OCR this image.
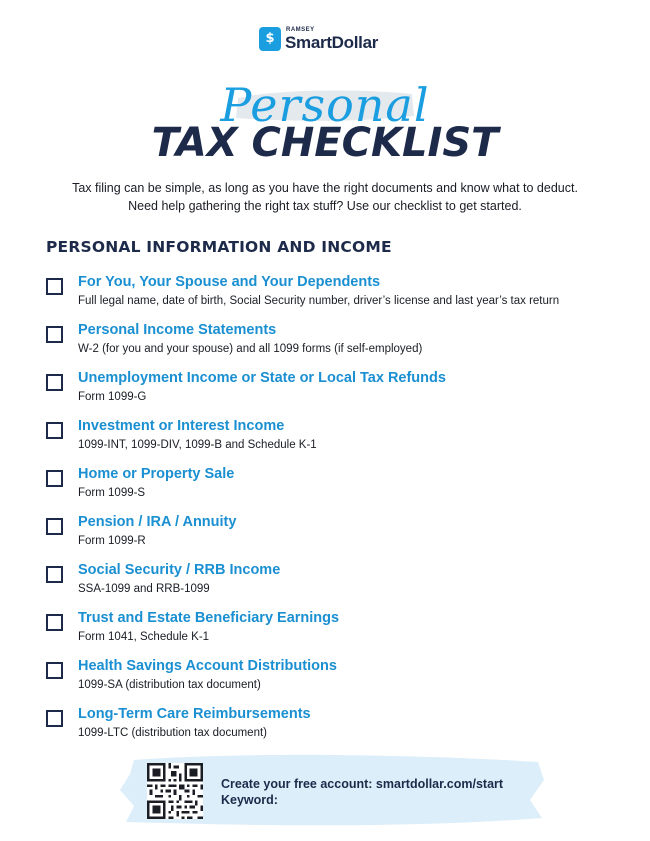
$
RAMSEY
SmartDollar
Personal
TAX CHECKLIST
Tax filing can be simple, as long as you have the right documents and know what to deduct.
Need help gathering the right tax stuff? Use our checklist to get started.
PERSONAL INFORMATION AND INCOME
For You, Your Spouse and Your Dependents
Full legal name, date of birth, Social Security number, driver’s license and last year’s tax return
Personal Income Statements
W-2 (for you and your spouse) and all 1099 forms (if self-employed)
Unemployment Income or State or Local Tax Refunds
Form 1099-G
Investment or Interest Income
1099-INT, 1099-DIV, 1099-B and Schedule K-1
Home or Property Sale
Form 1099-S
Pension / IRA / Annuity
Form 1099-R
Social Security / RRB Income
SSA-1099 and RRB-1099
Trust and Estate Beneficiary Earnings
Form 1041, Schedule K-1
Health Savings Account Distributions
1099-SA (distribution tax document)
Long-Term Care Reimbursements
1099-LTC (distribution tax document)
Create your free account: smartdollar.com/start
Keyword:
